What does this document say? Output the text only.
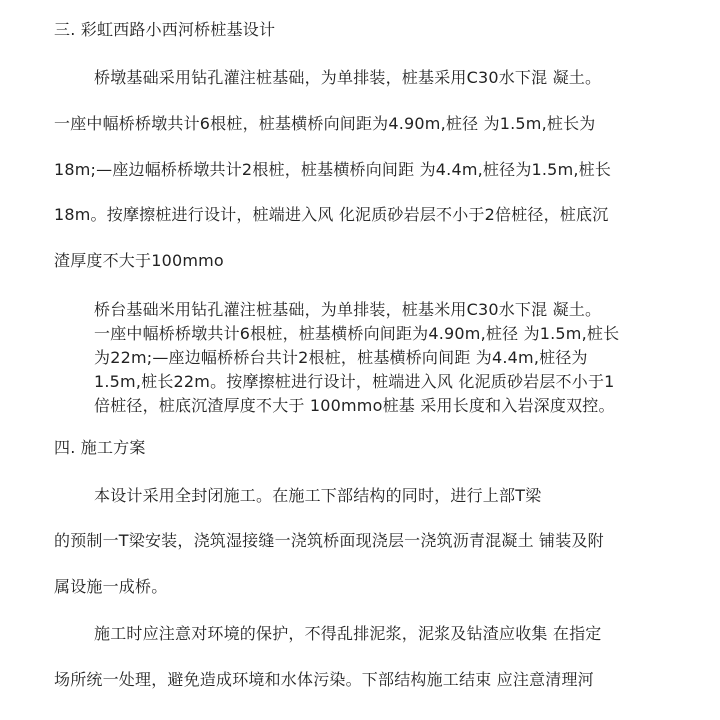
三. 彩虹西路小西河桥桩基设计

桥墩基础采用钻孔灌注桩基础，为单排装，桩基采用C30水下混 凝土。

一座中幅桥桥墩共计6根桩，桩基横桥向间距为4.90m,桩径 为1.5m,桩长为

18m;—座边幅桥桥墩共计2根桩，桩基横桥向间距 为4.4m,桩径为1.5m,桩长

18m。按摩擦桩进行设计，桩端进入风 化泥质砂岩层不小于2倍桩径，桩底沉

渣厚度不大于100mmo

桥台基础米用钻孔灌注桩基础，为单排装，桩基米用C30水下混 凝土。

一座中幅桥桥墩共计6根桩，桩基横桥向间距为4.90m,桩径 为1.5m,桩长

为22m;—座边幅桥桥台共计2根桩，桩基横桥向间距 为4.4m,桩径为

1.5m,桩长22m。按摩擦桩进行设计，桩端进入风 化泥质砂岩层不小于1

倍桩径，桩底沉渣厚度不大于 100mmo桩基 采用长度和入岩深度双控。

四. 施工方案

本设计采用全封闭施工。在施工下部结构的同时，进行上部T梁

的预制一T梁安装，浇筑湿接缝一浇筑桥面现浇层一浇筑沥青混凝土 铺装及附

属设施一成桥。

施工时应注意对环境的保护，不得乱排泥浆，泥浆及钻渣应收集 在指定

场所统一处理，避免造成环境和水体污染。下部结构施工结束 应注意清理河
